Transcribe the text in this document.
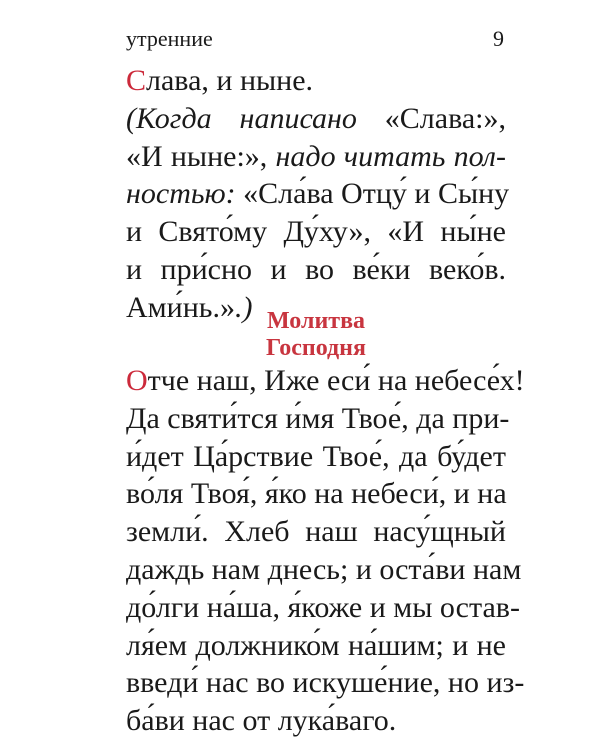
утренние	9
Слава, и ныне.
(Когда написано «Слава:»,
«И ныне:», надо читать пол-
ностью: «Сла́ва Отцу́ и Сы́ну
и Свято́му Ду́ху», «И ны́не
и при́сно и во ве́ки веко́в.
Ами́нь.».) Молитва
Господня
Отче наш, Иже еси́ на небесе́х!
Да святи́тся и́мя Твое́, да при-
и́дет Ца́рствие Твое́, да бу́дет
во́ля Твоя́, я́ко на небеси́, и на
земли́. Хлеб наш насу́щный
даждь нам днесь; и оста́ви нам
до́лги на́ша, я́коже и мы остав-
ля́ем должнико́м на́шим; и не
введи́ нас во искуше́ние, но из-
ба́ви нас от лука́ваго.
